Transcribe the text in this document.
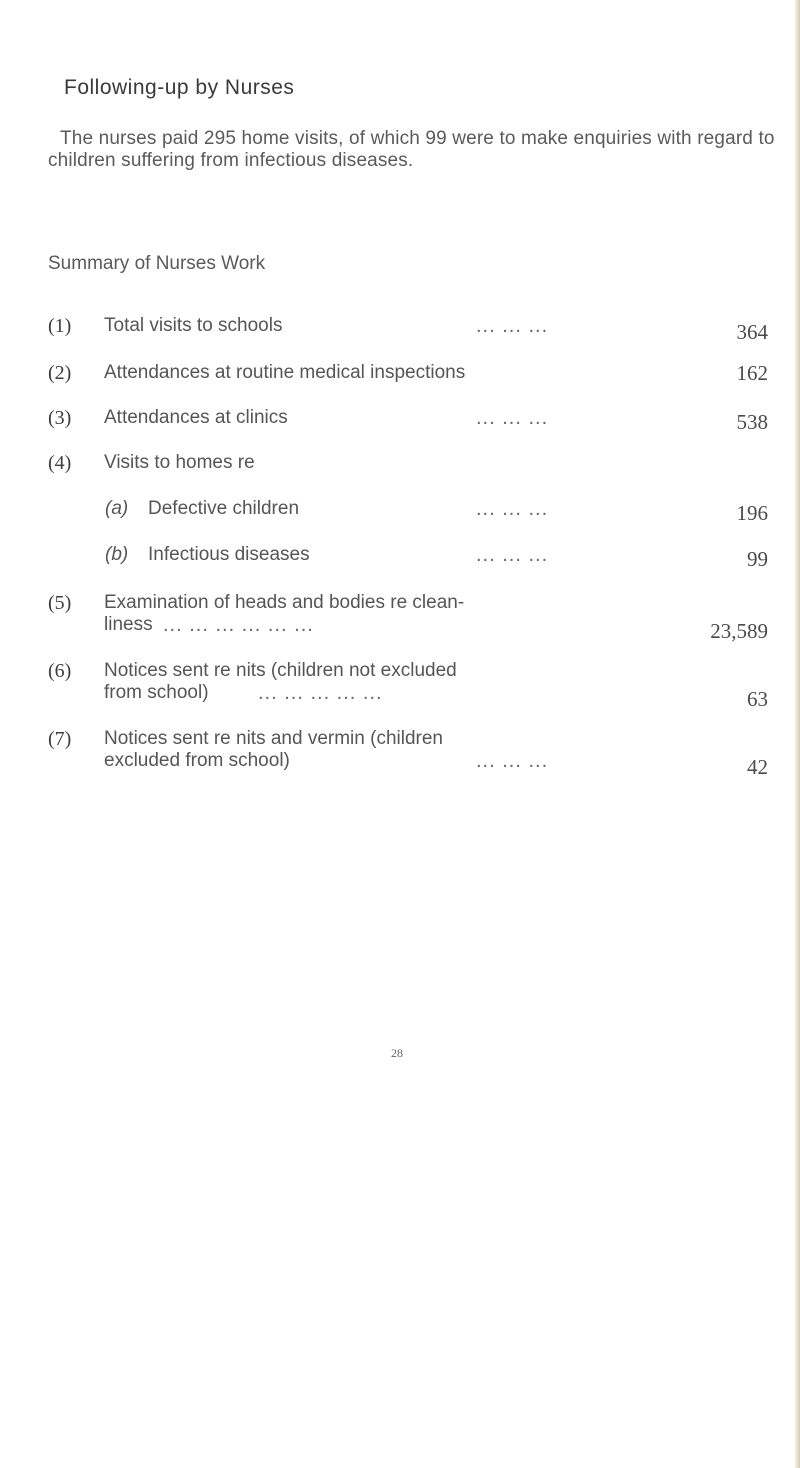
Following-up by Nurses

The nurses paid 295 home visits, of which 99 were to make enquiries with regard to children suffering from infectious diseases.

Summary of Nurses Work
(1) Total visits to schools	... ... ...	364
(2) Attendances at routine medical inspections	162
(3) Attendances at clinics	... ... ...	538
(4) Visits to homes re
(a)	Defective children	... ... ...	196
(b)	Infectious diseases	... ... ...	99
(5) Examination of heads and bodies re clean-
liness ... ... ... ... ... ...	23,589
(6) Notices sent re nits (children not excluded
from school)	... ... ... ... ...	63
(7) Notices sent re nits and vermin (children
excluded from school)	... ... ...	42
28
